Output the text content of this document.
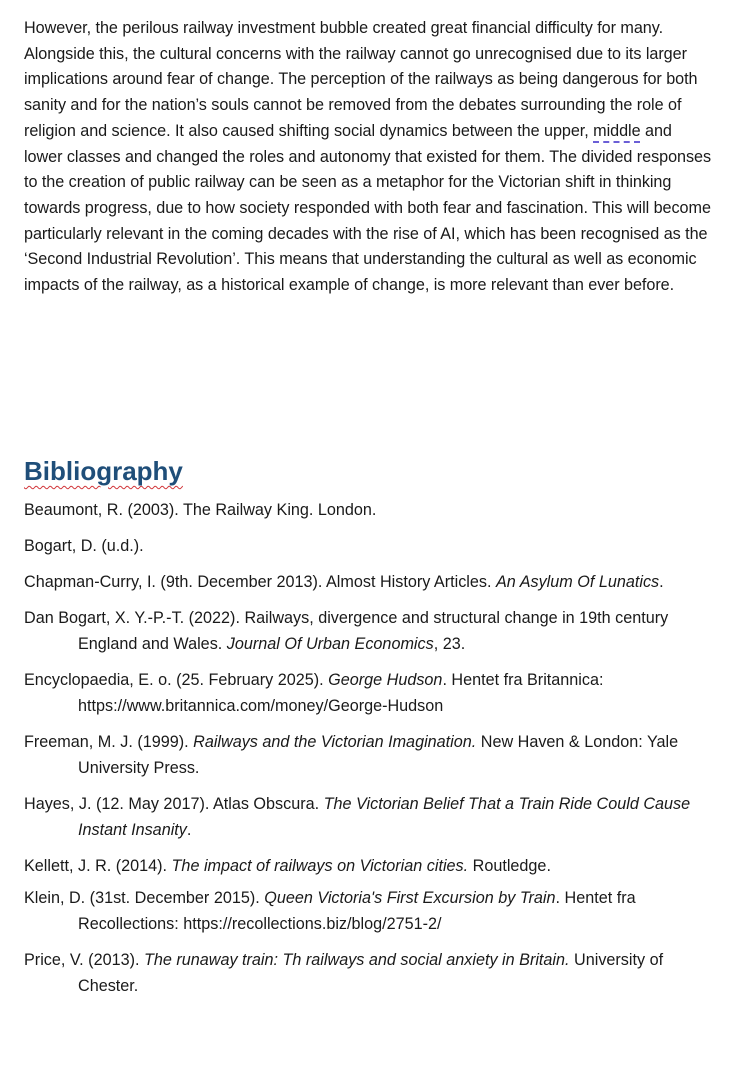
However, the perilous railway investment bubble created great financial difficulty for many. Alongside this, the cultural concerns with the railway cannot go unrecognised due to its larger implications around fear of change. The perception of the railways as being dangerous for both sanity and for the nation’s souls cannot be removed from the debates surrounding the role of religion and science. It also caused shifting social dynamics between the upper, middle and lower classes and changed the roles and autonomy that existed for them. The divided responses to the creation of public railway can be seen as a metaphor for the Victorian shift in thinking towards progress, due to how society responded with both fear and fascination. This will become particularly relevant in the coming decades with the rise of AI, which has been recognised as the ‘Second Industrial Revolution’. This means that understanding the cultural as well as economic impacts of the railway, as a historical example of change, is more relevant than ever before.

Bibliography

Beaumont, R. (2003). The Railway King. London.

Bogart, D. (u.d.).

Chapman-Curry, I. (9th. December 2013). Almost History Articles. An Asylum Of Lunatics.

Dan Bogart, X. Y.-P.-T. (2022). Railways, divergence and structural change in 19th century England and Wales. Journal Of Urban Economics, 23.

Encyclopaedia, E. o. (25. February 2025). George Hudson. Hentet fra Britannica: https://www.britannica.com/money/George-Hudson

Freeman, M. J. (1999). Railways and the Victorian Imagination. New Haven & London: Yale University Press.

Hayes, J. (12. May 2017). Atlas Obscura. The Victorian Belief That a Train Ride Could Cause Instant Insanity.

Kellett, J. R. (2014). The impact of railways on Victorian cities. Routledge.

Klein, D. (31st. December 2015). Queen Victoria's First Excursion by Train. Hentet fra Recollections: https://recollections.biz/blog/2751-2/

Price, V. (2013). The runaway train: Th railways and social anxiety in Britain. University of Chester.
